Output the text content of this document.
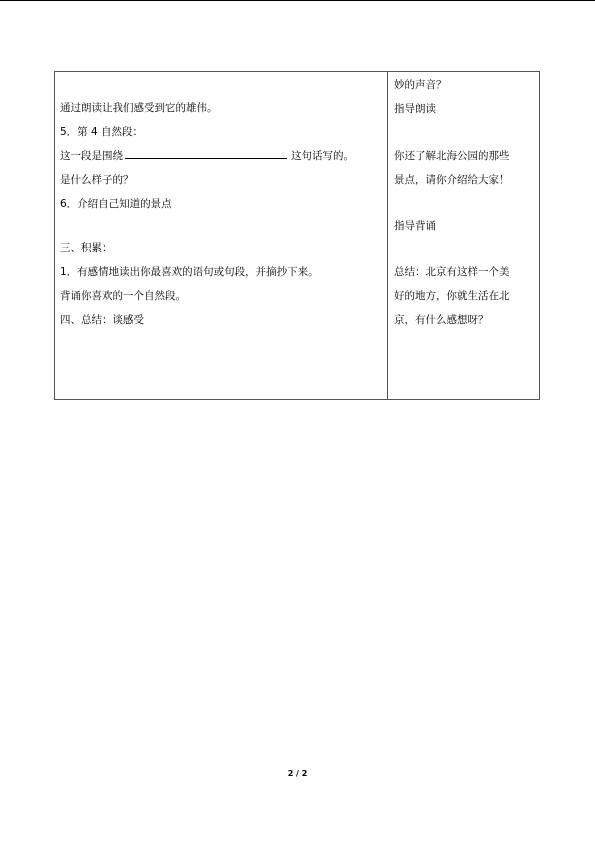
通过朗读让我们感受到它的雄伟。
5．第 4 自然段：
这一段是围绕	这句话写的。
是什么样子的？
6．介绍自己知道的景点
三、积累：
1．有感情地读出你最喜欢的语句或句段，并摘抄下来。
背诵你喜欢的一个自然段。
四、总结：谈感受
妙的声音？
指导朗读
你还了解北海公园的那些
景点，请你介绍给大家！
指导背诵
总结：北京有这样一个美
好的地方，你就生活在北
京，有什么感想呀？
2 / 2
